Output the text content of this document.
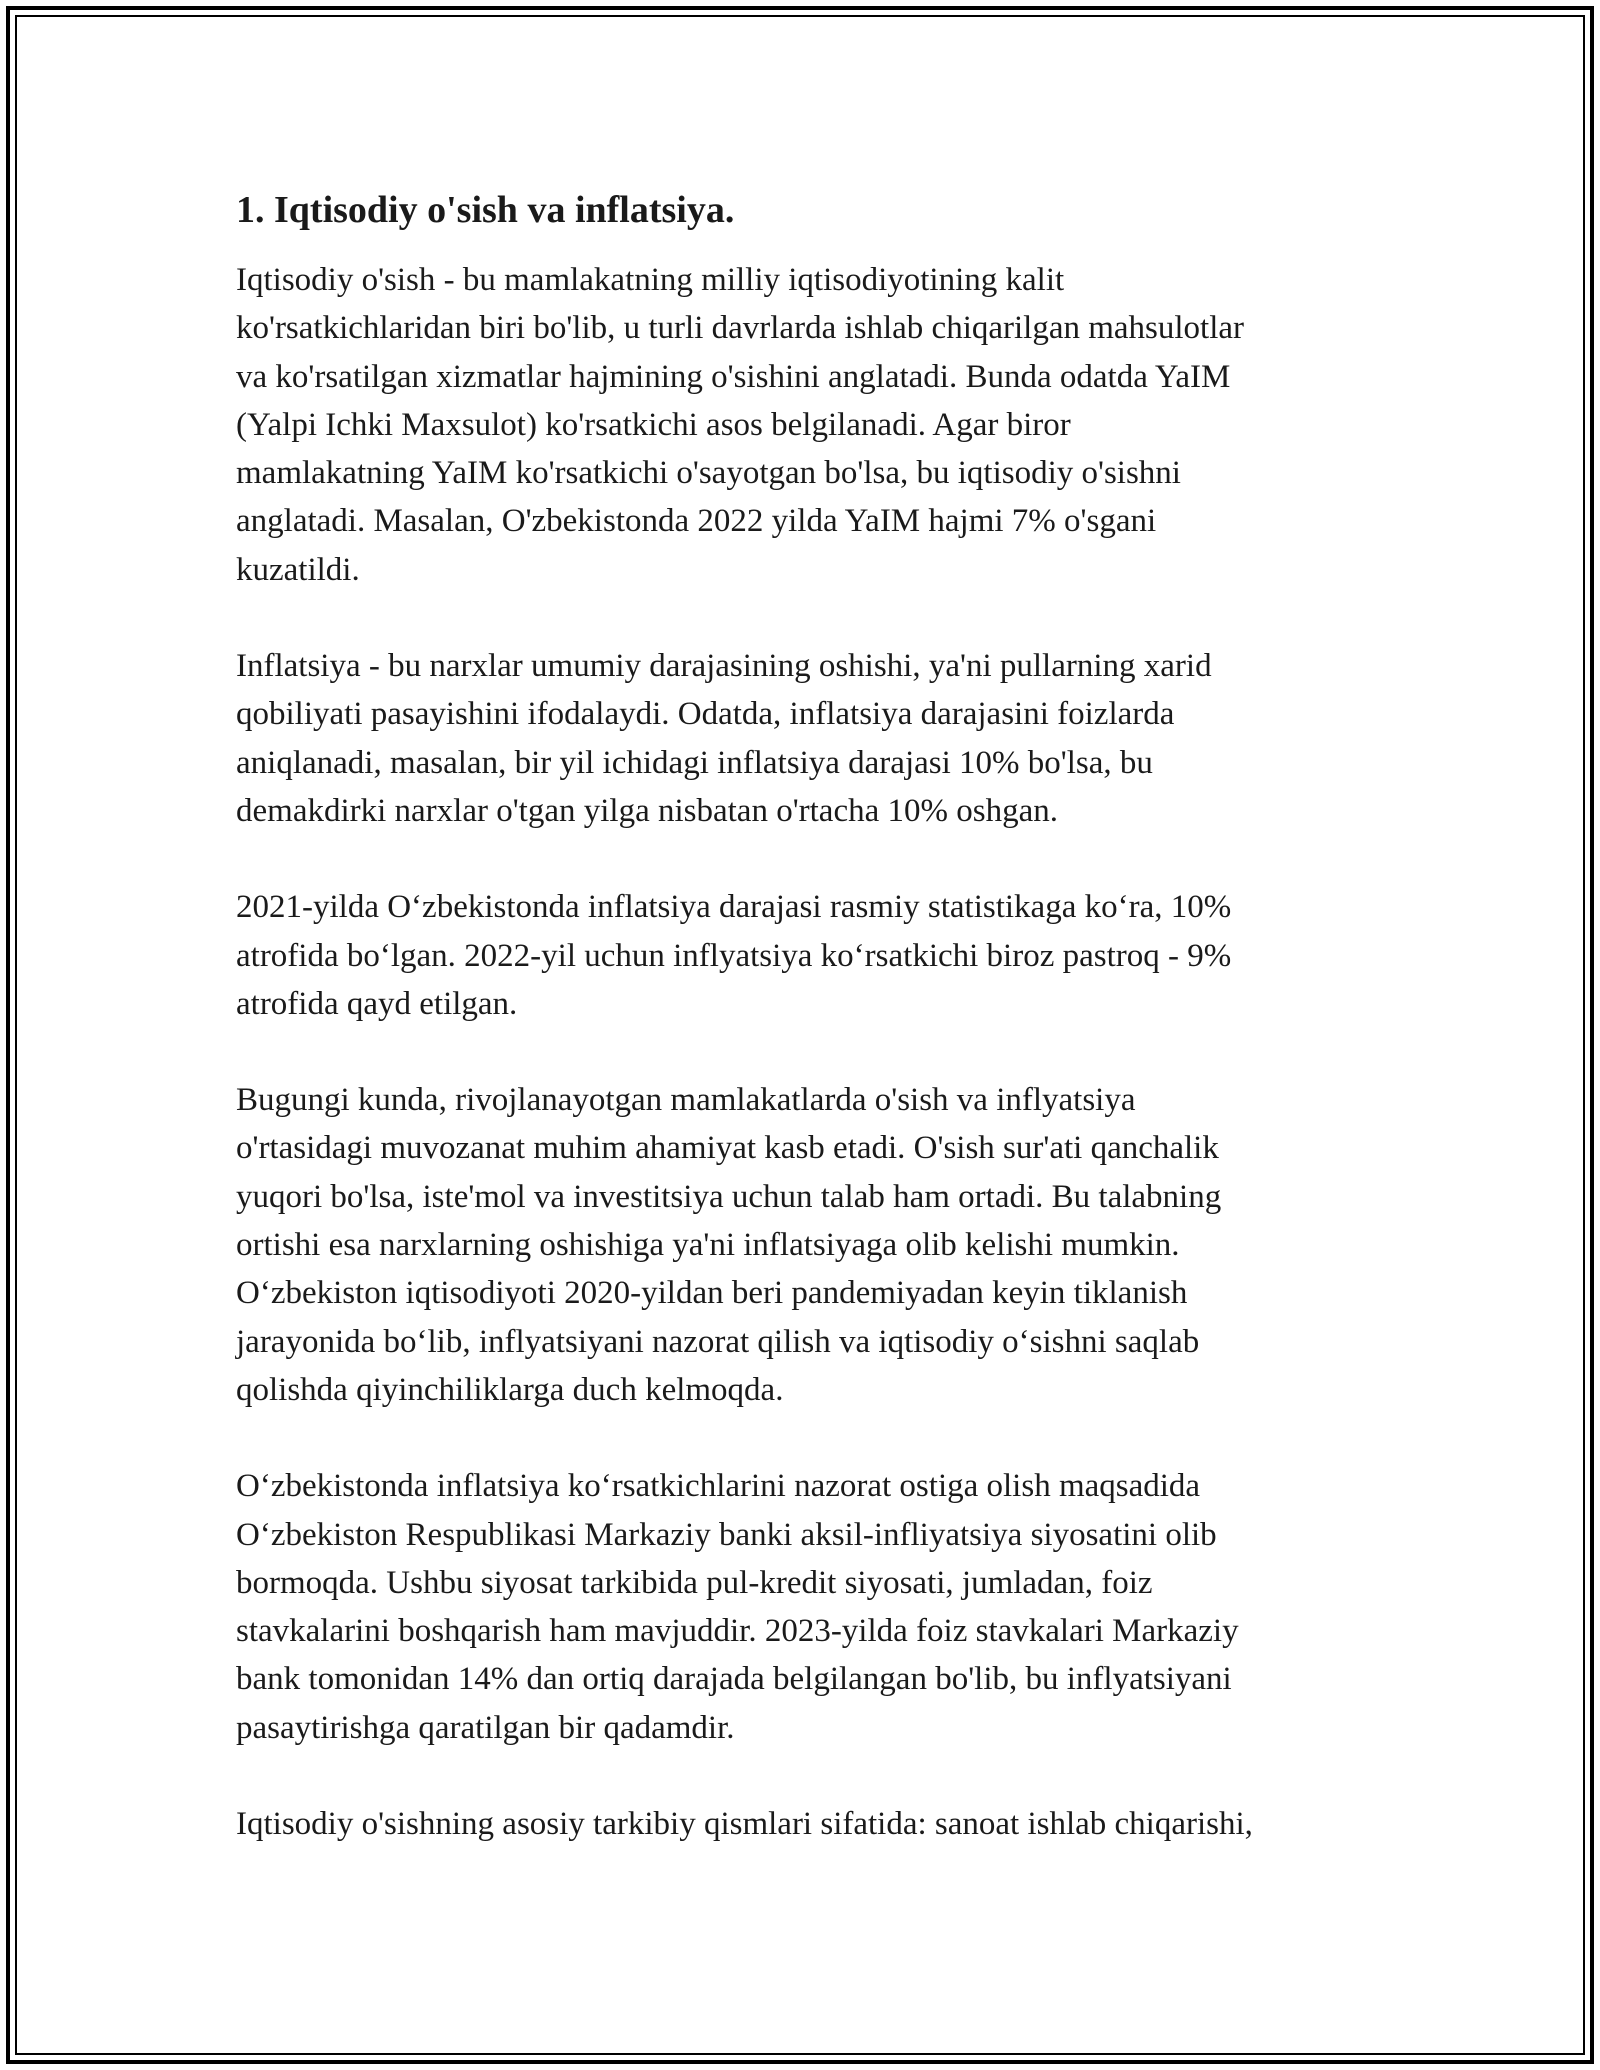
1. Iqtisodiy o'sish va inflatsiya.
Iqtisodiy o'sish - bu mamlakatning milliy iqtisodiyotining kalit
ko'rsatkichlaridan biri bo'lib, u turli davrlarda ishlab chiqarilgan mahsulotlar
va ko'rsatilgan xizmatlar hajmining o'sishini anglatadi. Bunda odatda YaIM
(Yalpi Ichki Maxsulot) ko'rsatkichi asos belgilanadi. Agar biror
mamlakatning YaIM ko'rsatkichi o'sayotgan bo'lsa, bu iqtisodiy o'sishni
anglatadi. Masalan, O'zbekistonda 2022 yilda YaIM hajmi 7% o'sgani
kuzatildi.
Inflatsiya - bu narxlar umumiy darajasining oshishi, ya'ni pullarning xarid
qobiliyati pasayishini ifodalaydi. Odatda, inflatsiya darajasini foizlarda
aniqlanadi, masalan, bir yil ichidagi inflatsiya darajasi 10% bo'lsa, bu
demakdirki narxlar o'tgan yilga nisbatan o'rtacha 10% oshgan.
2021-yilda O‘zbekistonda inflatsiya darajasi rasmiy statistikaga ko‘ra, 10%
atrofida bo‘lgan. 2022-yil uchun inflyatsiya ko‘rsatkichi biroz pastroq - 9%
atrofida qayd etilgan.
Bugungi kunda, rivojlanayotgan mamlakatlarda o'sish va inflyatsiya
o'rtasidagi muvozanat muhim ahamiyat kasb etadi. O'sish sur'ati qanchalik
yuqori bo'lsa, iste'mol va investitsiya uchun talab ham ortadi. Bu talabning
ortishi esa narxlarning oshishiga ya'ni inflatsiyaga olib kelishi mumkin.
O‘zbekiston iqtisodiyoti 2020-yildan beri pandemiyadan keyin tiklanish
jarayonida bo‘lib, inflyatsiyani nazorat qilish va iqtisodiy o‘sishni saqlab
qolishda qiyinchiliklarga duch kelmoqda.
O‘zbekistonda inflatsiya ko‘rsatkichlarini nazorat ostiga olish maqsadida
O‘zbekiston Respublikasi Markaziy banki aksil-infliyatsiya siyosatini olib
bormoqda. Ushbu siyosat tarkibida pul-kredit siyosati, jumladan, foiz
stavkalarini boshqarish ham mavjuddir. 2023-yilda foiz stavkalari Markaziy
bank tomonidan 14% dan ortiq darajada belgilangan bo'lib, bu inflyatsiyani
pasaytirishga qaratilgan bir qadamdir.
Iqtisodiy o'sishning asosiy tarkibiy qismlari sifatida: sanoat ishlab chiqarishi,
